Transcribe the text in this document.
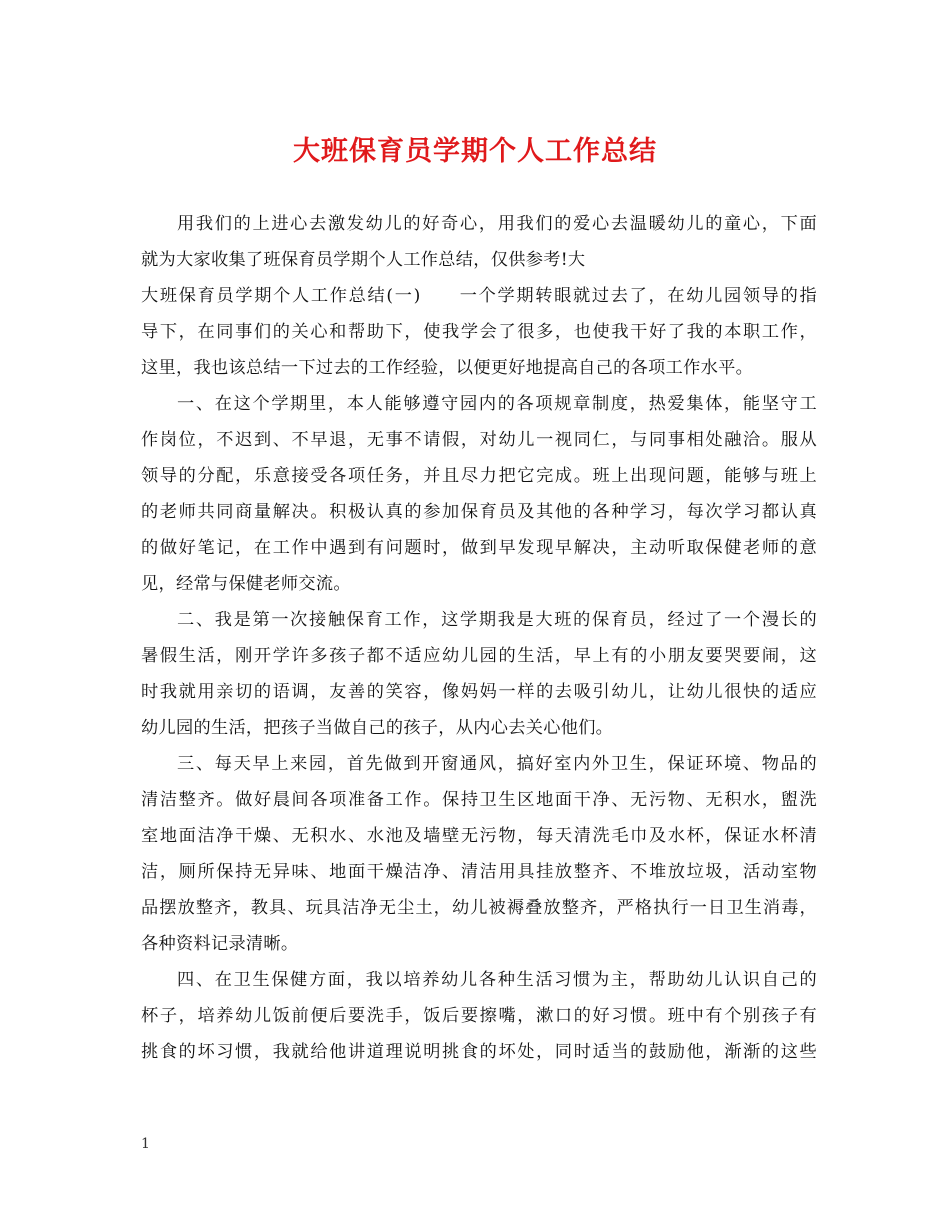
大班保育员学期个人工作总结
用我们的上进心去激发幼儿的好奇心，用我们的爱心去温暖幼儿的童心，下面
就为大家收集了班保育员学期个人工作总结，仅供参考!大
大班保育员学期个人工作总结(一)　　一个学期转眼就过去了，在幼儿园领导的指
导下，在同事们的关心和帮助下，使我学会了很多，也使我干好了我的本职工作，
这里，我也该总结一下过去的工作经验，以便更好地提高自己的各项工作水平。
一、在这个学期里，本人能够遵守园内的各项规章制度，热爱集体，能坚守工
作岗位，不迟到、不早退，无事不请假，对幼儿一视同仁，与同事相处融洽。服从
领导的分配，乐意接受各项任务，并且尽力把它完成。班上出现问题，能够与班上
的老师共同商量解决。积极认真的参加保育员及其他的各种学习，每次学习都认真
的做好笔记，在工作中遇到有问题时，做到早发现早解决，主动听取保健老师的意
见，经常与保健老师交流。
二、我是第一次接触保育工作，这学期我是大班的保育员，经过了一个漫长的
暑假生活，刚开学许多孩子都不适应幼儿园的生活，早上有的小朋友要哭要闹，这
时我就用亲切的语调，友善的笑容，像妈妈一样的去吸引幼儿，让幼儿很快的适应
幼儿园的生活，把孩子当做自己的孩子，从内心去关心他们。
三、每天早上来园，首先做到开窗通风，搞好室内外卫生，保证环境、物品的
清洁整齐。做好晨间各项准备工作。保持卫生区地面干净、无污物、无积水，盥洗
室地面洁净干燥、无积水、水池及墙壁无污物，每天清洗毛巾及水杯，保证水杯清
洁，厕所保持无异味、地面干燥洁净、清洁用具挂放整齐、不堆放垃圾，活动室物
品摆放整齐，教具、玩具洁净无尘土，幼儿被褥叠放整齐，严格执行一日卫生消毒，
各种资料记录清晰。
四、在卫生保健方面，我以培养幼儿各种生活习惯为主，帮助幼儿认识自己的
杯子，培养幼儿饭前便后要洗手，饭后要擦嘴，漱口的好习惯。班中有个别孩子有
挑食的坏习惯，我就给他讲道理说明挑食的坏处，同时适当的鼓励他，渐渐的这些
1
